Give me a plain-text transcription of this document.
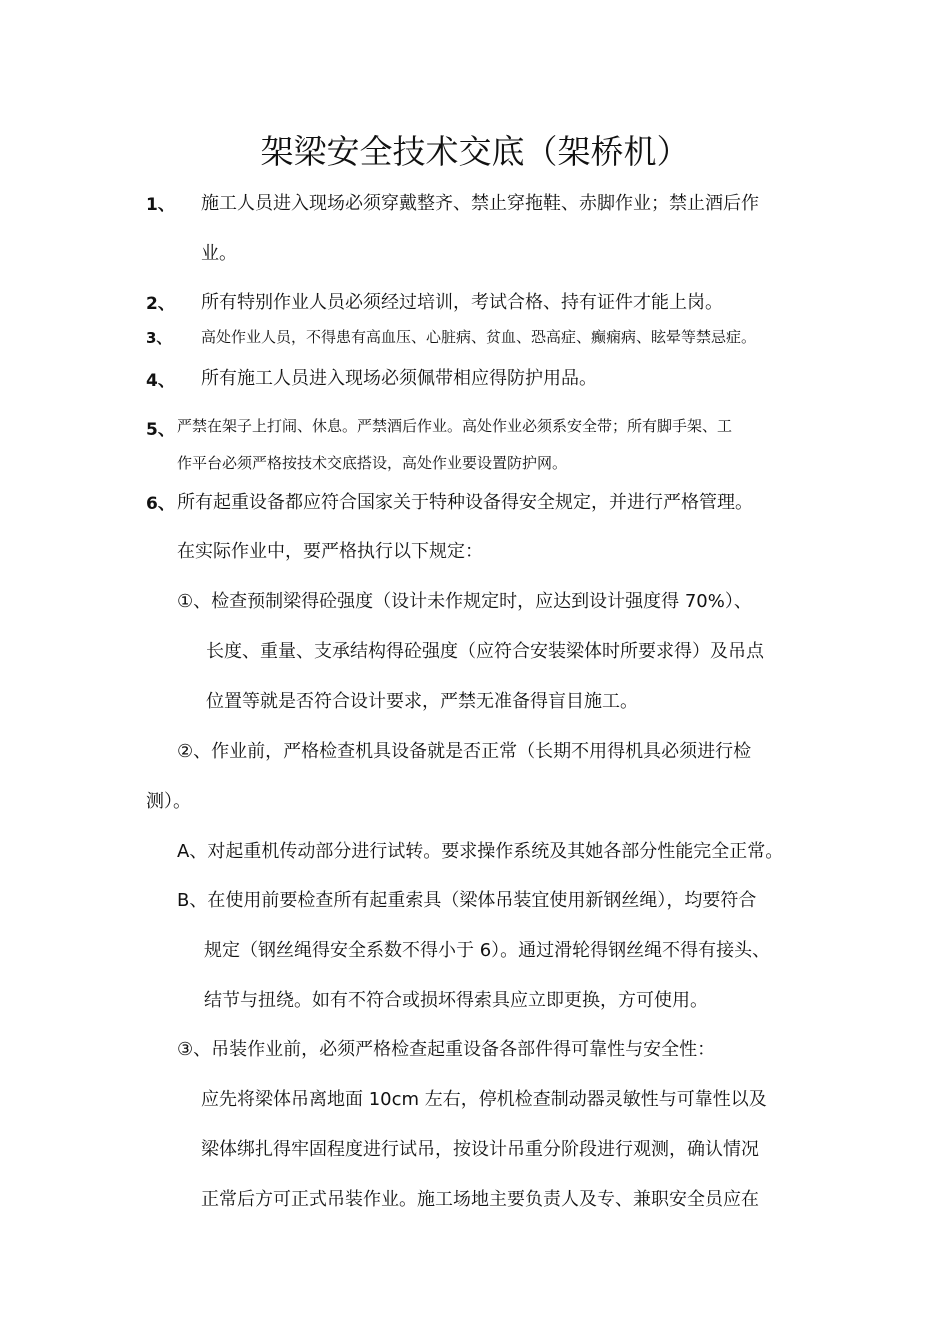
架梁安全技术交底（架桥机）
1、 施工人员进入现场必须穿戴整齐、禁止穿拖鞋、赤脚作业；禁止酒后作
业。
2、 所有特别作业人员必须经过培训，考试合格、持有证件才能上岗。
3、 高处作业人员，不得患有高血压、心脏病、贫血、恐高症、癫痫病、眩晕等禁忌症。
4、 所有施工人员进入现场必须佩带相应得防护用品。
5、 严禁在架子上打闹、休息。严禁酒后作业。高处作业必须系安全带；所有脚手架、工
作平台必须严格按技术交底搭设，高处作业要设置防护网。
6、 所有起重设备都应符合国家关于特种设备得安全规定，并进行严格管理。
在实际作业中，要严格执行以下规定：
①、检查预制梁得砼强度（设计未作规定时，应达到设计强度得 70%）、
长度、重量、支承结构得砼强度（应符合安装梁体时所要求得）及吊点
位置等就是否符合设计要求，严禁无准备得盲目施工。
②、作业前，严格检查机具设备就是否正常（长期不用得机具必须进行检
测）。
A、对起重机传动部分进行试转。要求操作系统及其她各部分性能完全正常。
B、在使用前要检查所有起重索具（梁体吊装宜使用新钢丝绳），均要符合
规定（钢丝绳得安全系数不得小于 6）。通过滑轮得钢丝绳不得有接头、
结节与扭绕。如有不符合或损坏得索具应立即更换，方可使用。
③、吊装作业前，必须严格检查起重设备各部件得可靠性与安全性：
应先将梁体吊离地面 10cm 左右，停机检查制动器灵敏性与可靠性以及
梁体绑扎得牢固程度进行试吊，按设计吊重分阶段进行观测，确认情况
正常后方可正式吊装作业。施工场地主要负责人及专、兼职安全员应在
